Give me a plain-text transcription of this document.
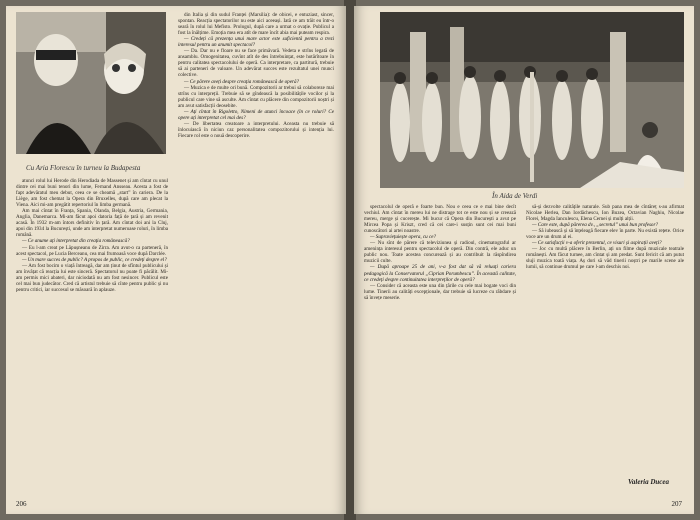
Cu Aria Florescu în turneu la Budapesta

atunci rolul lui Herode din Herodiada de Massenet și am cîntat cu unul dintre cei mai buni tenori din lume, Fernand Ansseau. Acesta a fost de fapt adevăratul meu debut, ceea ce se cheamă „start” în cariera. De la Liège, am fost chemat la Opera din Bruxelles, după care am plecat la Viena. Aici mi-am pregătit repertoriul în limba germană.

Am mai cîntat în Franța, Spania, Olanda, Belgia, Austria, Germania, Anglia, Danemarca. Mi-am făcut apoi datoria față de țară și am revenit acasă. În 1932 m-am întors definitiv în țară. Am cîntat doi ani la Cluj, apoi din 1934 la București, unde am interpretat numeroase roluri, în limba română.

— Ce anume ați interpretat din creația românească?

— Eu l-am creat pe Lăpușneanu de Zirra. Am avut-o ca parteneră, în acest spectacol, pe Lucia Berceanu, cea mai frumoasă voce după Darclée.

— Un mare succes de public? A propos de public, ce credeți despre el?

— Am fost bocim o viață întreagă, dar am ținut de sfîntul publicului și am învățat că reacția lui este sinceră. Spectatorul nu poate fi păcălit. Mi-am permis mici abateri, dar niciodată nu am fost nesincer. Publicul este cel mai bun judecător. Cred că artistul trebuie să cînte pentru public și nu pentru critici, iar succesul se măsoară în aplauze.

din Italia și din sudul Franței (Marsilia): de obicei, e entuziast, sincer, spontan. Reacția spectatorilor nu este aici aceeași. Iată ce am trăit eu într-o seară în rolul lui Mefisto. Prologul, după care a urmat o ovație. Publicul a fost la înălțime. Emoția mea era atît de mare încît abia mai puteam respira.

— Credeți că prezența unui mare actor este suficientă pentru a trezi interesul pentru un anumit spectacol?

— Da. Dar nu e floare nu se face primăvară. Vedeta e strîns legată de ansamblu. Omogenitatea, cuvînt atît de des întrebuințat, este hotărîtoare în pentru calitatea spectacolului de operă. Ca interpretare, ca partitură, trebuie să ai parteneri de valoare. Un adevărat succes este rezultatul unei munci colective.

— Ce părere aveți despre creația românească de operă?

— Muzica e de multe ori bună. Compozitorii ar trebui să colaboreze mai strîns cu interpreții. Trebuie să se gîndească la posibilitățile vocilor și la publicul care vine să asculte. Am cîntat cu plăcere din compozitorii noștri și am avut satisfacții deosebite.

— Ați cîntat în Rigoletto, Nimeni de atunci încoace (în ce roluri? Ce opere ați interpretat cel mai des?

— De libertatea creatoare a interpretului. Aceasta nu trebuie să înlocuiască în niciun caz personalitatea compozitorului și intenția lui. Fiecare rol este o nouă descoperire.

206
În Aida de Verdi

spectacolul de operă e foarte bun. Nou e ceea ce e mai bine decît vechiul. Am cîntat în mereu lui ne distrage tot ce este nou și se creează mereu, merge și cucerește. Mi bucur că Opera din București a avut pe Mircea Popa și Kriszt, cred că cei care-i susțin sunt cei mai buni cunoscători ai artei noastre.

— Supraviețuiește opera, cu ce?

— Nu sînt de părere că televiziunea și radioul, cinematograful ar amenința interesul pentru spectacolul de operă. Din contră, ele aduc un public nou. Toate acestea concurează și au contribuit la răspîndirea muzicii culte.

— După aproape 25 de ani, v-a fost dat să vă reluați cariera pedagogică la Conservatorul „Ciprian Porumbescu”. În această calitate, ce credeți despre continuitatea interpreților de operă?

— Consider că aceasta este una din țările cu cele mai bogate voci din lume. Tinerii au calități excepționale, dar trebuie să lucreze cu răbdare și să învețe meserie.

să-și dezvolte calitățile naturale. Sub pana mea de cîntăreț s-au afirmat Nicolae Herlea, Dan Iordăchescu, Ion Buzea, Octavian Naghiu, Nicolae Florei, Magda Ianculescu, Elena Cernei și mulți alții.

— Care este, după părerea dv., „secretul” unui bun profesor?

— Să iubească și să înțeleagă fiecare elev în parte. Nu există rețete. Orice voce are un drum al ei.

— Ce satisfacții v-a oferit prezentul, ce visuri și aspirații aveți?

— Joc cu multă plăcere în Berlin, ați un filme după muzicale teatrale românești. Am făcut turnee, am cîntat și am predat. Sunt fericit că am putut sluji muzica toată viața. Aș dori să văd tinerii noștri pe marile scene ale lumii, să continue drumul pe care l-am deschis noi.

Valeria Ducea
207
